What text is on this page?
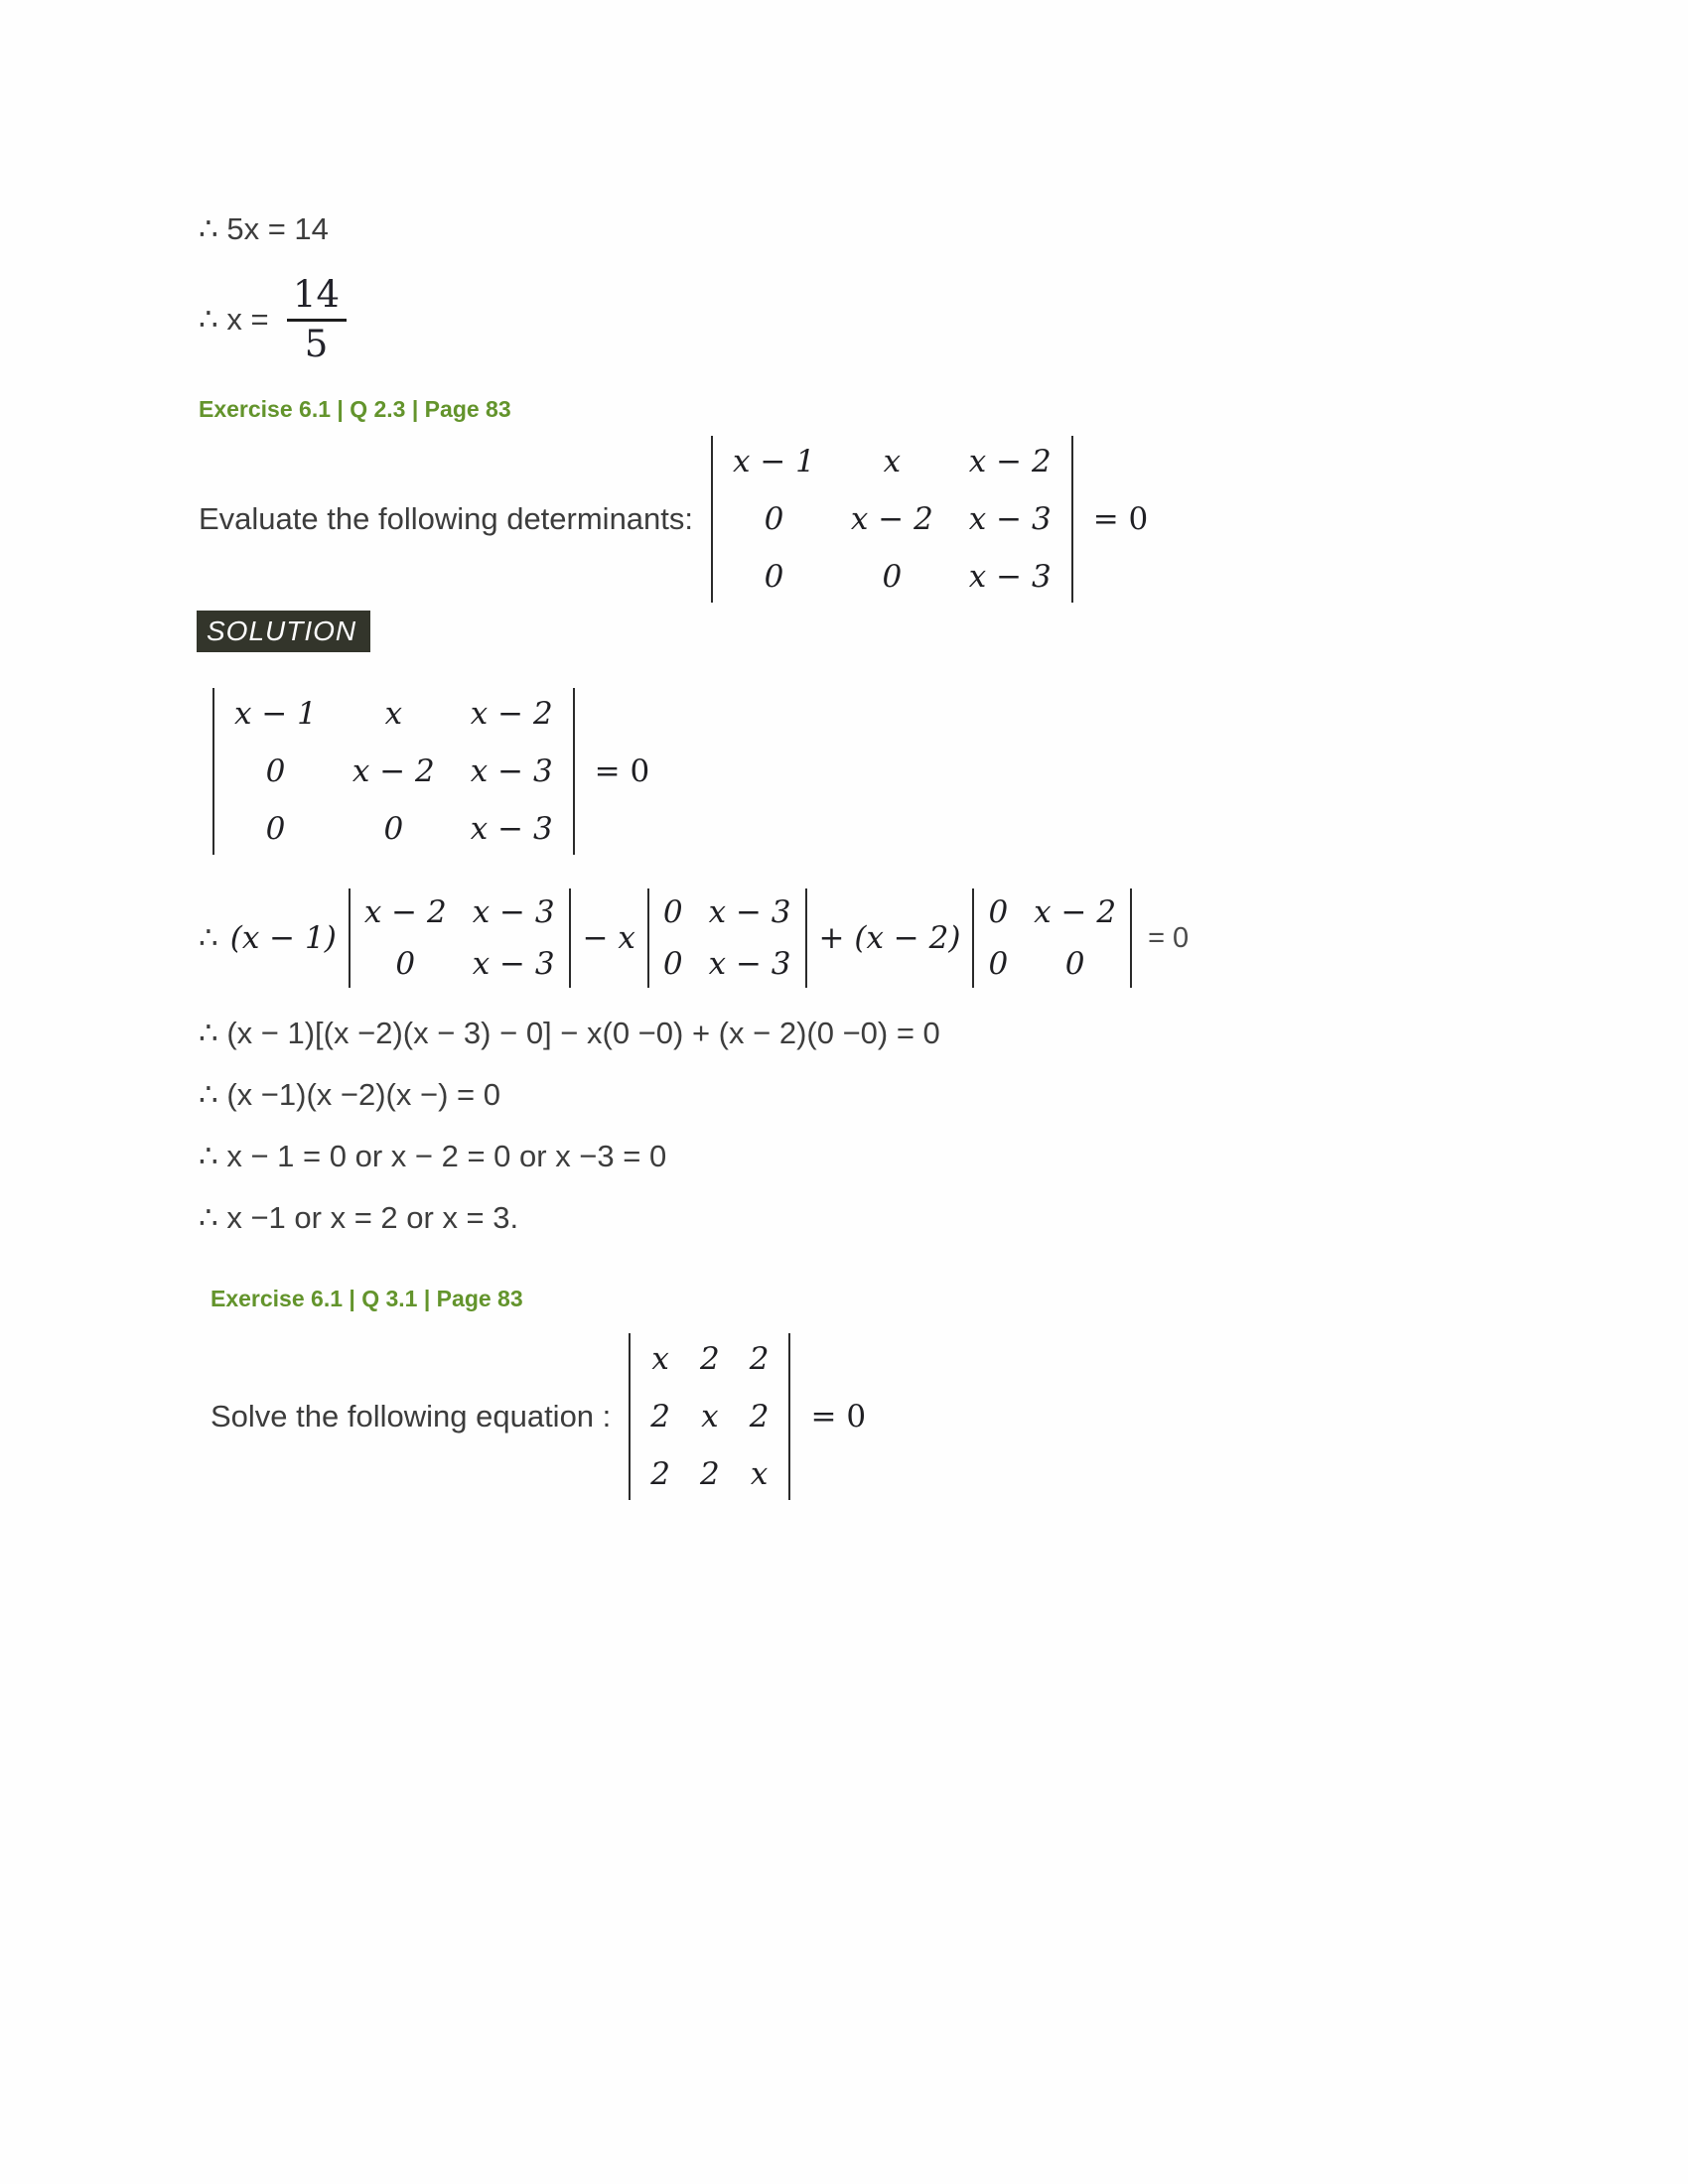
∴ 5x = 14
∴ $x = \frac{14}{5}$
Exercise 6.1 | Q 2.3 | Page 83
Evaluate the following determinants:
x − 1 x x − 2
0 x − 2 x − 3
0	0 x − 3
= 0
SOLUTION
x − 1 x x − 2
0 x − 2 x − 3
0	0 x − 3
= 0
∴ (x − 1)
x − 2 x − 3
0 x − 3
− x
0 x − 3
0 x − 3
+ (x − 2)
0 x − 2
0 0
= 0
∴ (x − 1)[(x −2)(x − 3) − 0] − x(0 −0) + (x − 2)(0 −0) = 0
∴ (x −1)(x −2)(x −) = 0
∴ x − 1 = 0 or x − 2 = 0 or x −3 = 0
∴ x −1 or x = 2 or x = 3.
Exercise 6.1 | Q 3.1 | Page 83
Solve the following equation :
x 2 2
2 x 2
2 2 x
= 0
